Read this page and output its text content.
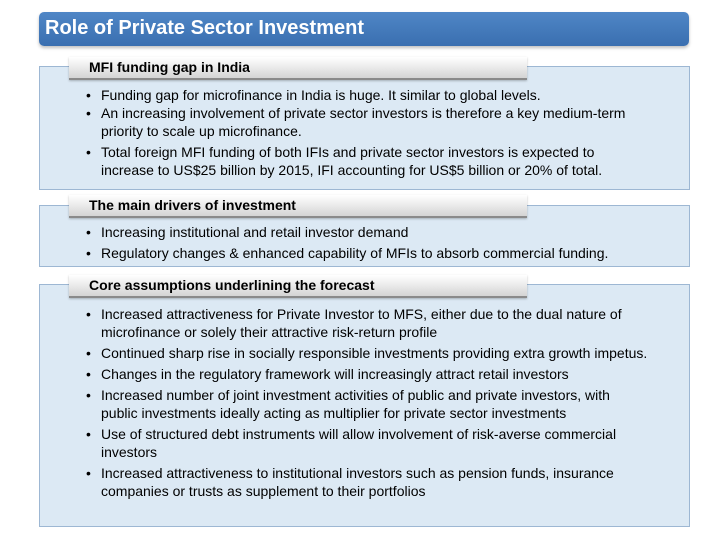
Role of Private Sector Investment
MFI funding gap in India
• Funding gap for microfinance in India is huge. It similar to global levels.
• An increasing involvement of private sector investors is therefore a key medium-term priority to scale up microfinance.
• Total foreign MFI funding of both IFIs and private sector investors is expected to increase to US$25 billion by 2015, IFI accounting for US$5 billion or 20% of total.
The main drivers of investment
• Increasing institutional and retail investor demand
• Regulatory changes & enhanced capability of MFIs to absorb commercial funding.
Core assumptions underlining the forecast
• Increased attractiveness for Private Investor to MFS, either due to the dual nature of microfinance or solely their attractive risk-return profile
• Continued sharp rise in socially responsible investments providing extra growth impetus.
• Changes in the regulatory framework will increasingly attract retail investors
• Increased number of joint investment activities of public and private investors, with public investments ideally acting as multiplier for private sector investments
• Use of structured debt instruments will allow involvement of risk-averse commercial investors
• Increased attractiveness to institutional investors such as pension funds, insurance companies or trusts as supplement to their portfolios
